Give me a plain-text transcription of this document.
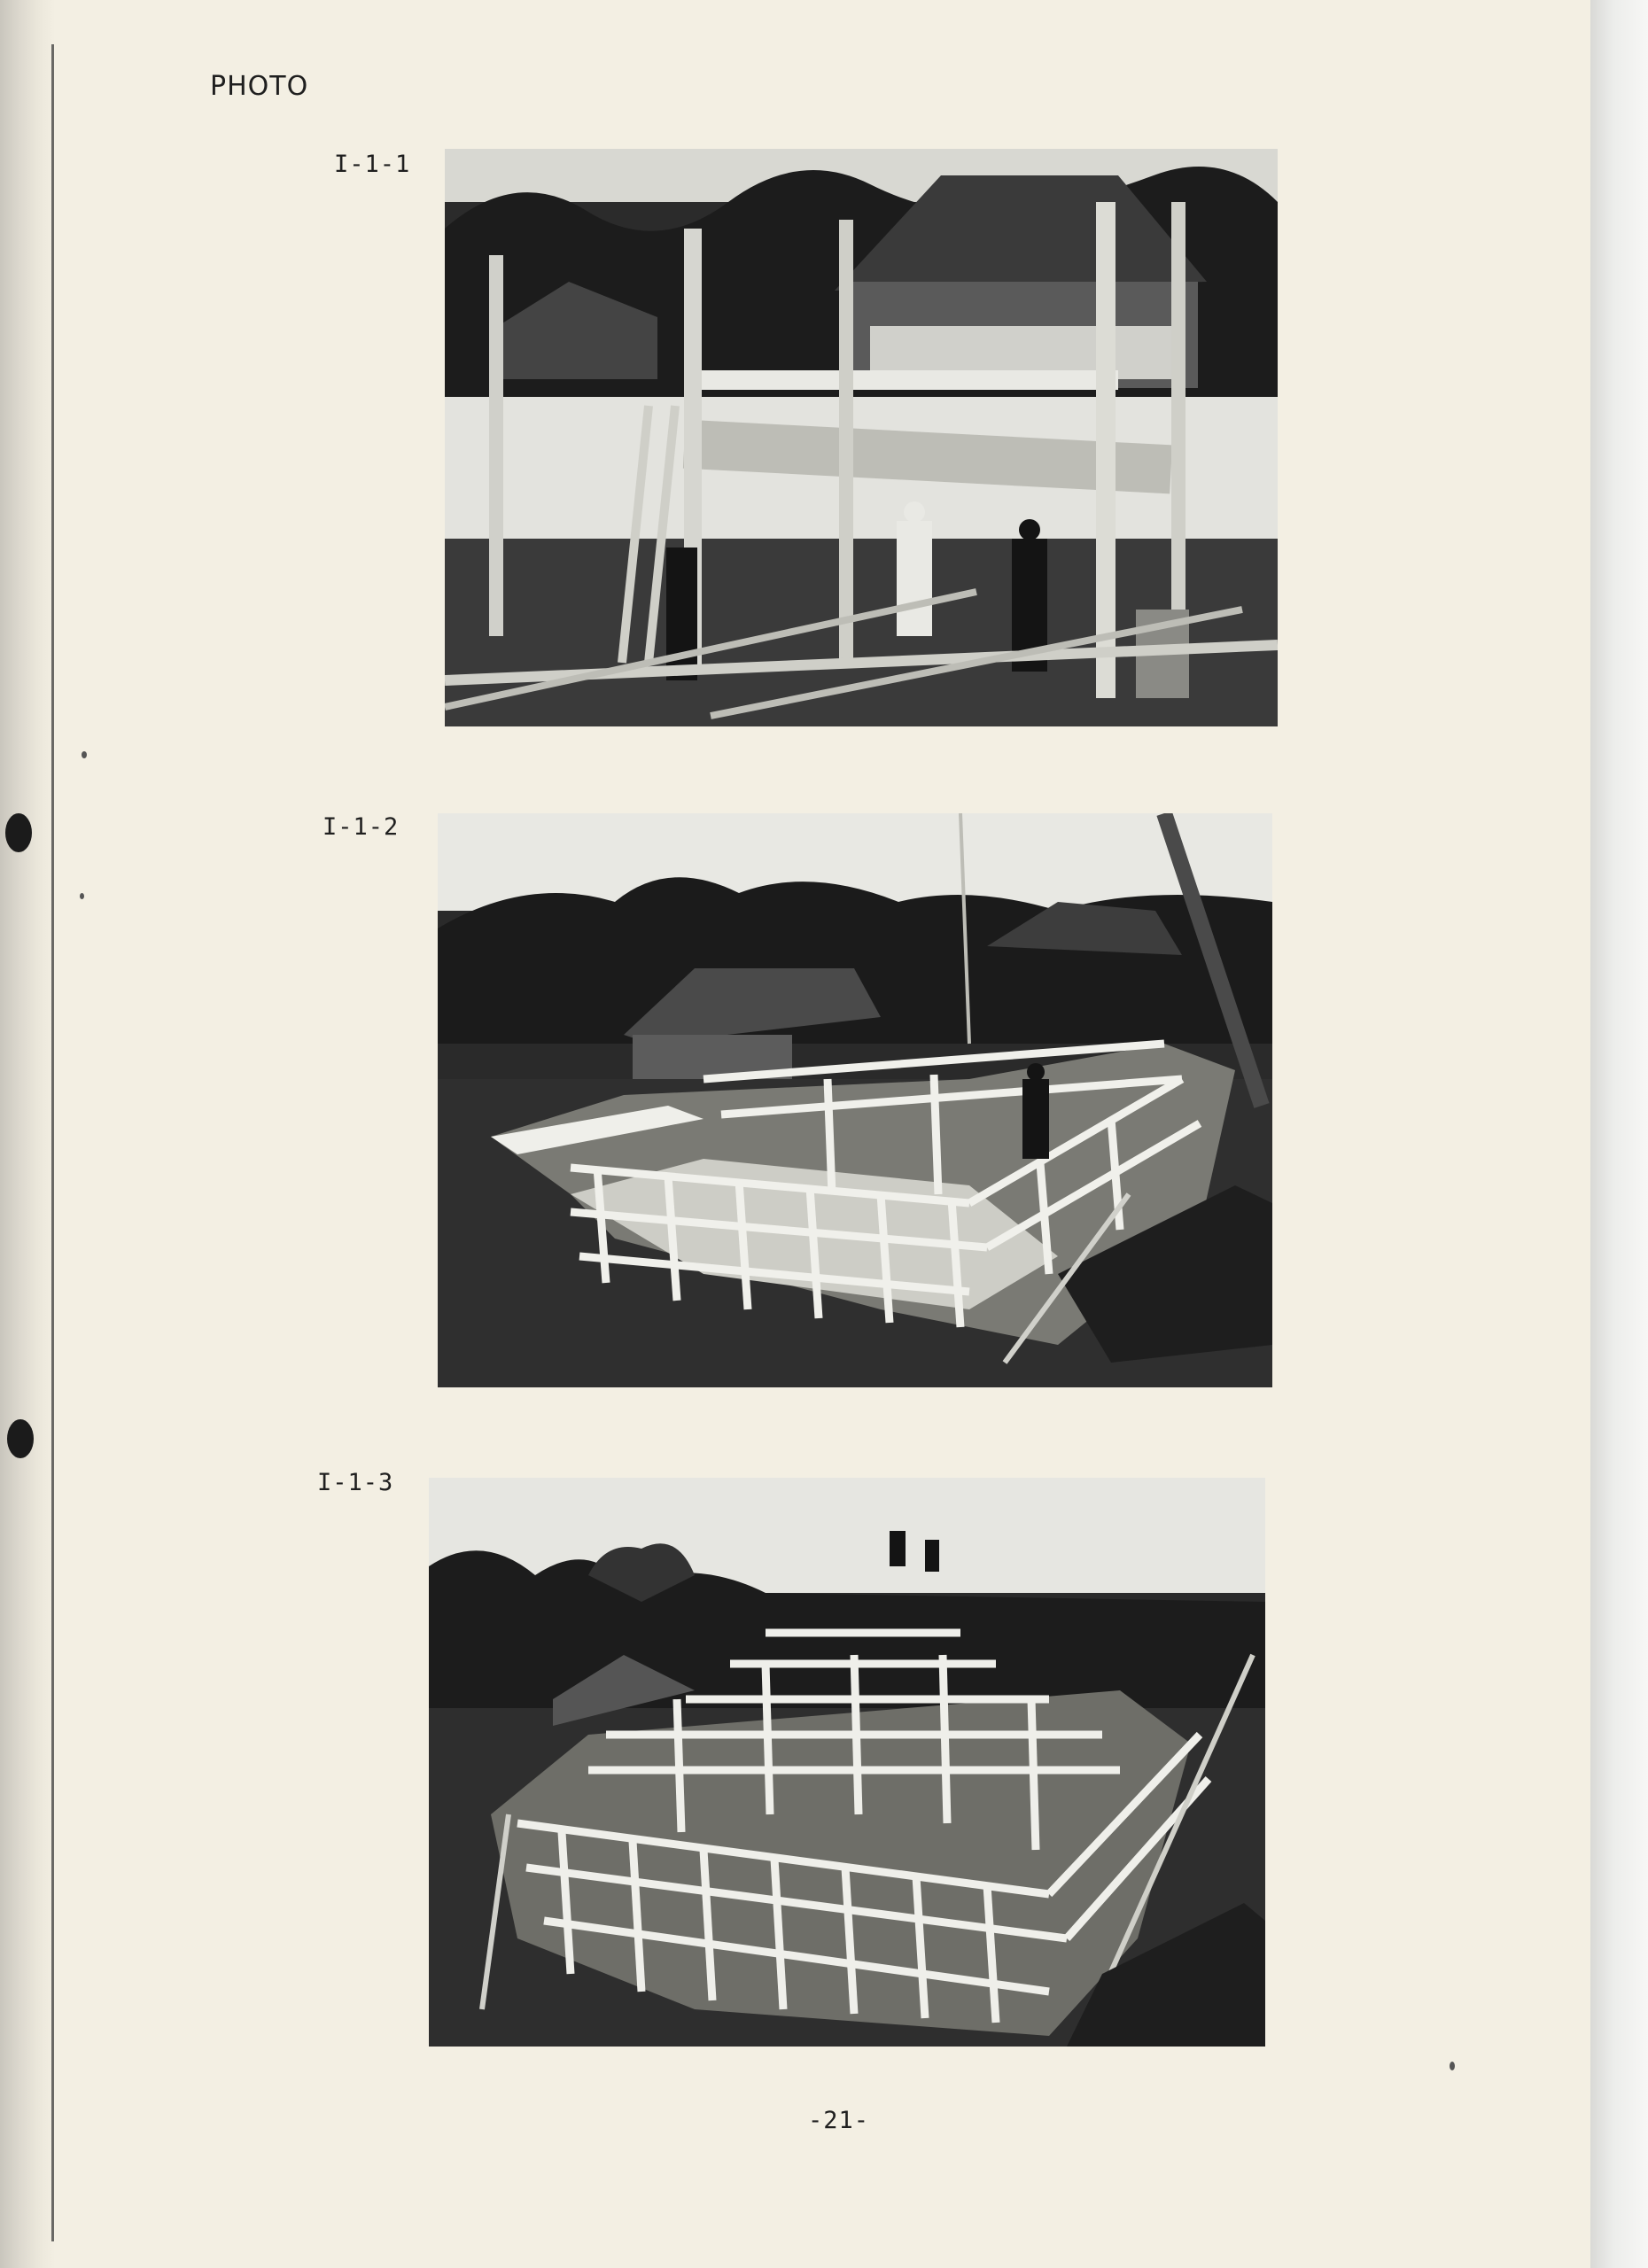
PHOTO
I-1-1
I-1-2
I-1-3
-21-
